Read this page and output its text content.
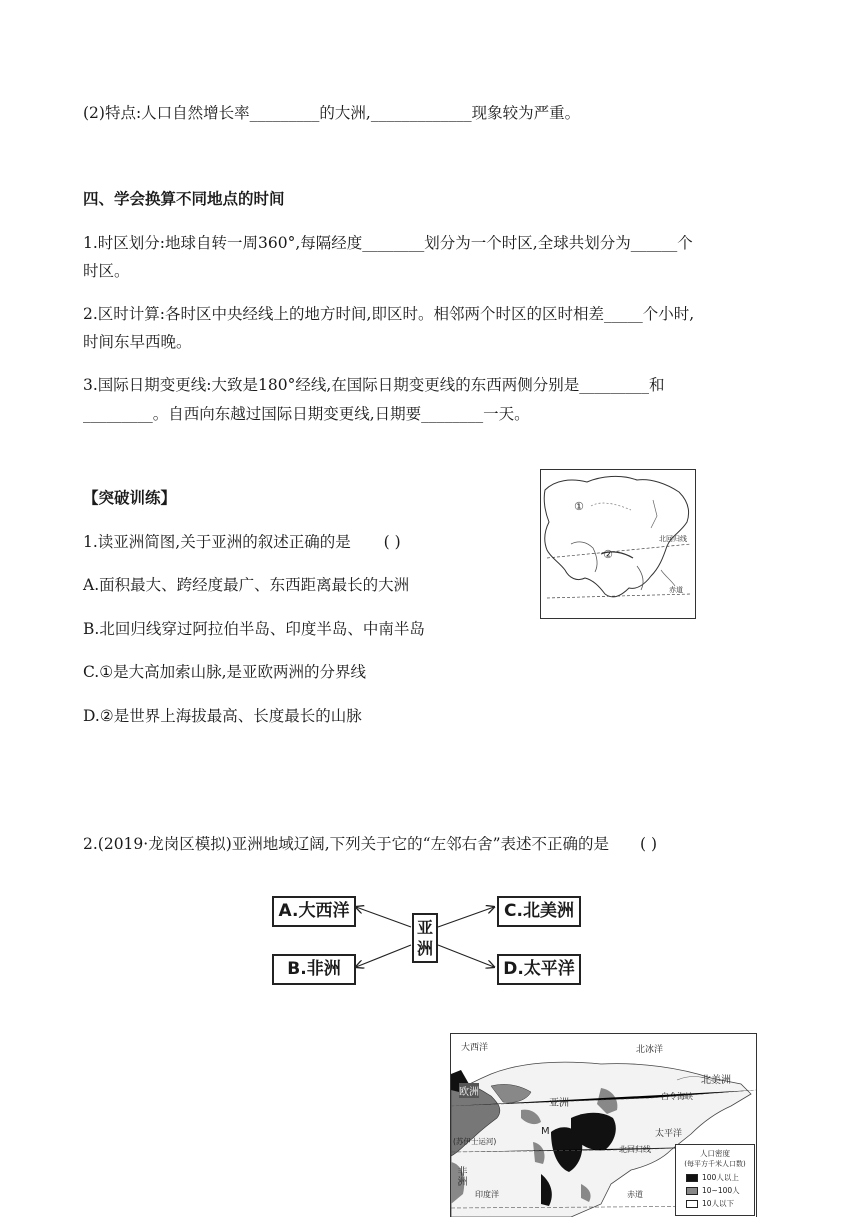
(2)特点:人口自然增长率_________的大洲,_____________现象较为严重。
四、学会换算不同地点的时间
1.时区划分:地球自转一周360°,每隔经度________划分为一个时区,全球共划分为______个
时区。
2.区时计算:各时区中央经线上的地方时间,即区时。相邻两个时区的区时相差_____个小时,
时间东早西晚。
3.国际日期变更线:大致是180°经线,在国际日期变更线的东西两侧分别是_________和
_________。自西向东越过国际日期变更线,日期要________一天。
【突破训练】
1.读亚洲简图,关于亚洲的叙述正确的是 ( )
A.面积最大、跨经度最广、东西距离最长的大洲
B.北回归线穿过阿拉伯半岛、印度半岛、中南半岛
C.①是大高加索山脉,是亚欧两洲的分界线
D.②是世界上海拔最高、长度最长的山脉
①
②
北回归线
赤道
2.(2019·龙岗区模拟)亚洲地域辽阔,下列关于它的“左邻右舍”表述不正确的是 ( )
A.大西洋
B.非洲
C.北美洲
D.太平洋
亚洲
大西洋	北冰洋
欧洲
亚洲
北美洲
白令海峡
太平洋
M
(苏伊士运河)
北回归线
印度洋	赤道
非洲
人口密度
(每平方千米人口数)
100人以上
10~100人
10人以下
